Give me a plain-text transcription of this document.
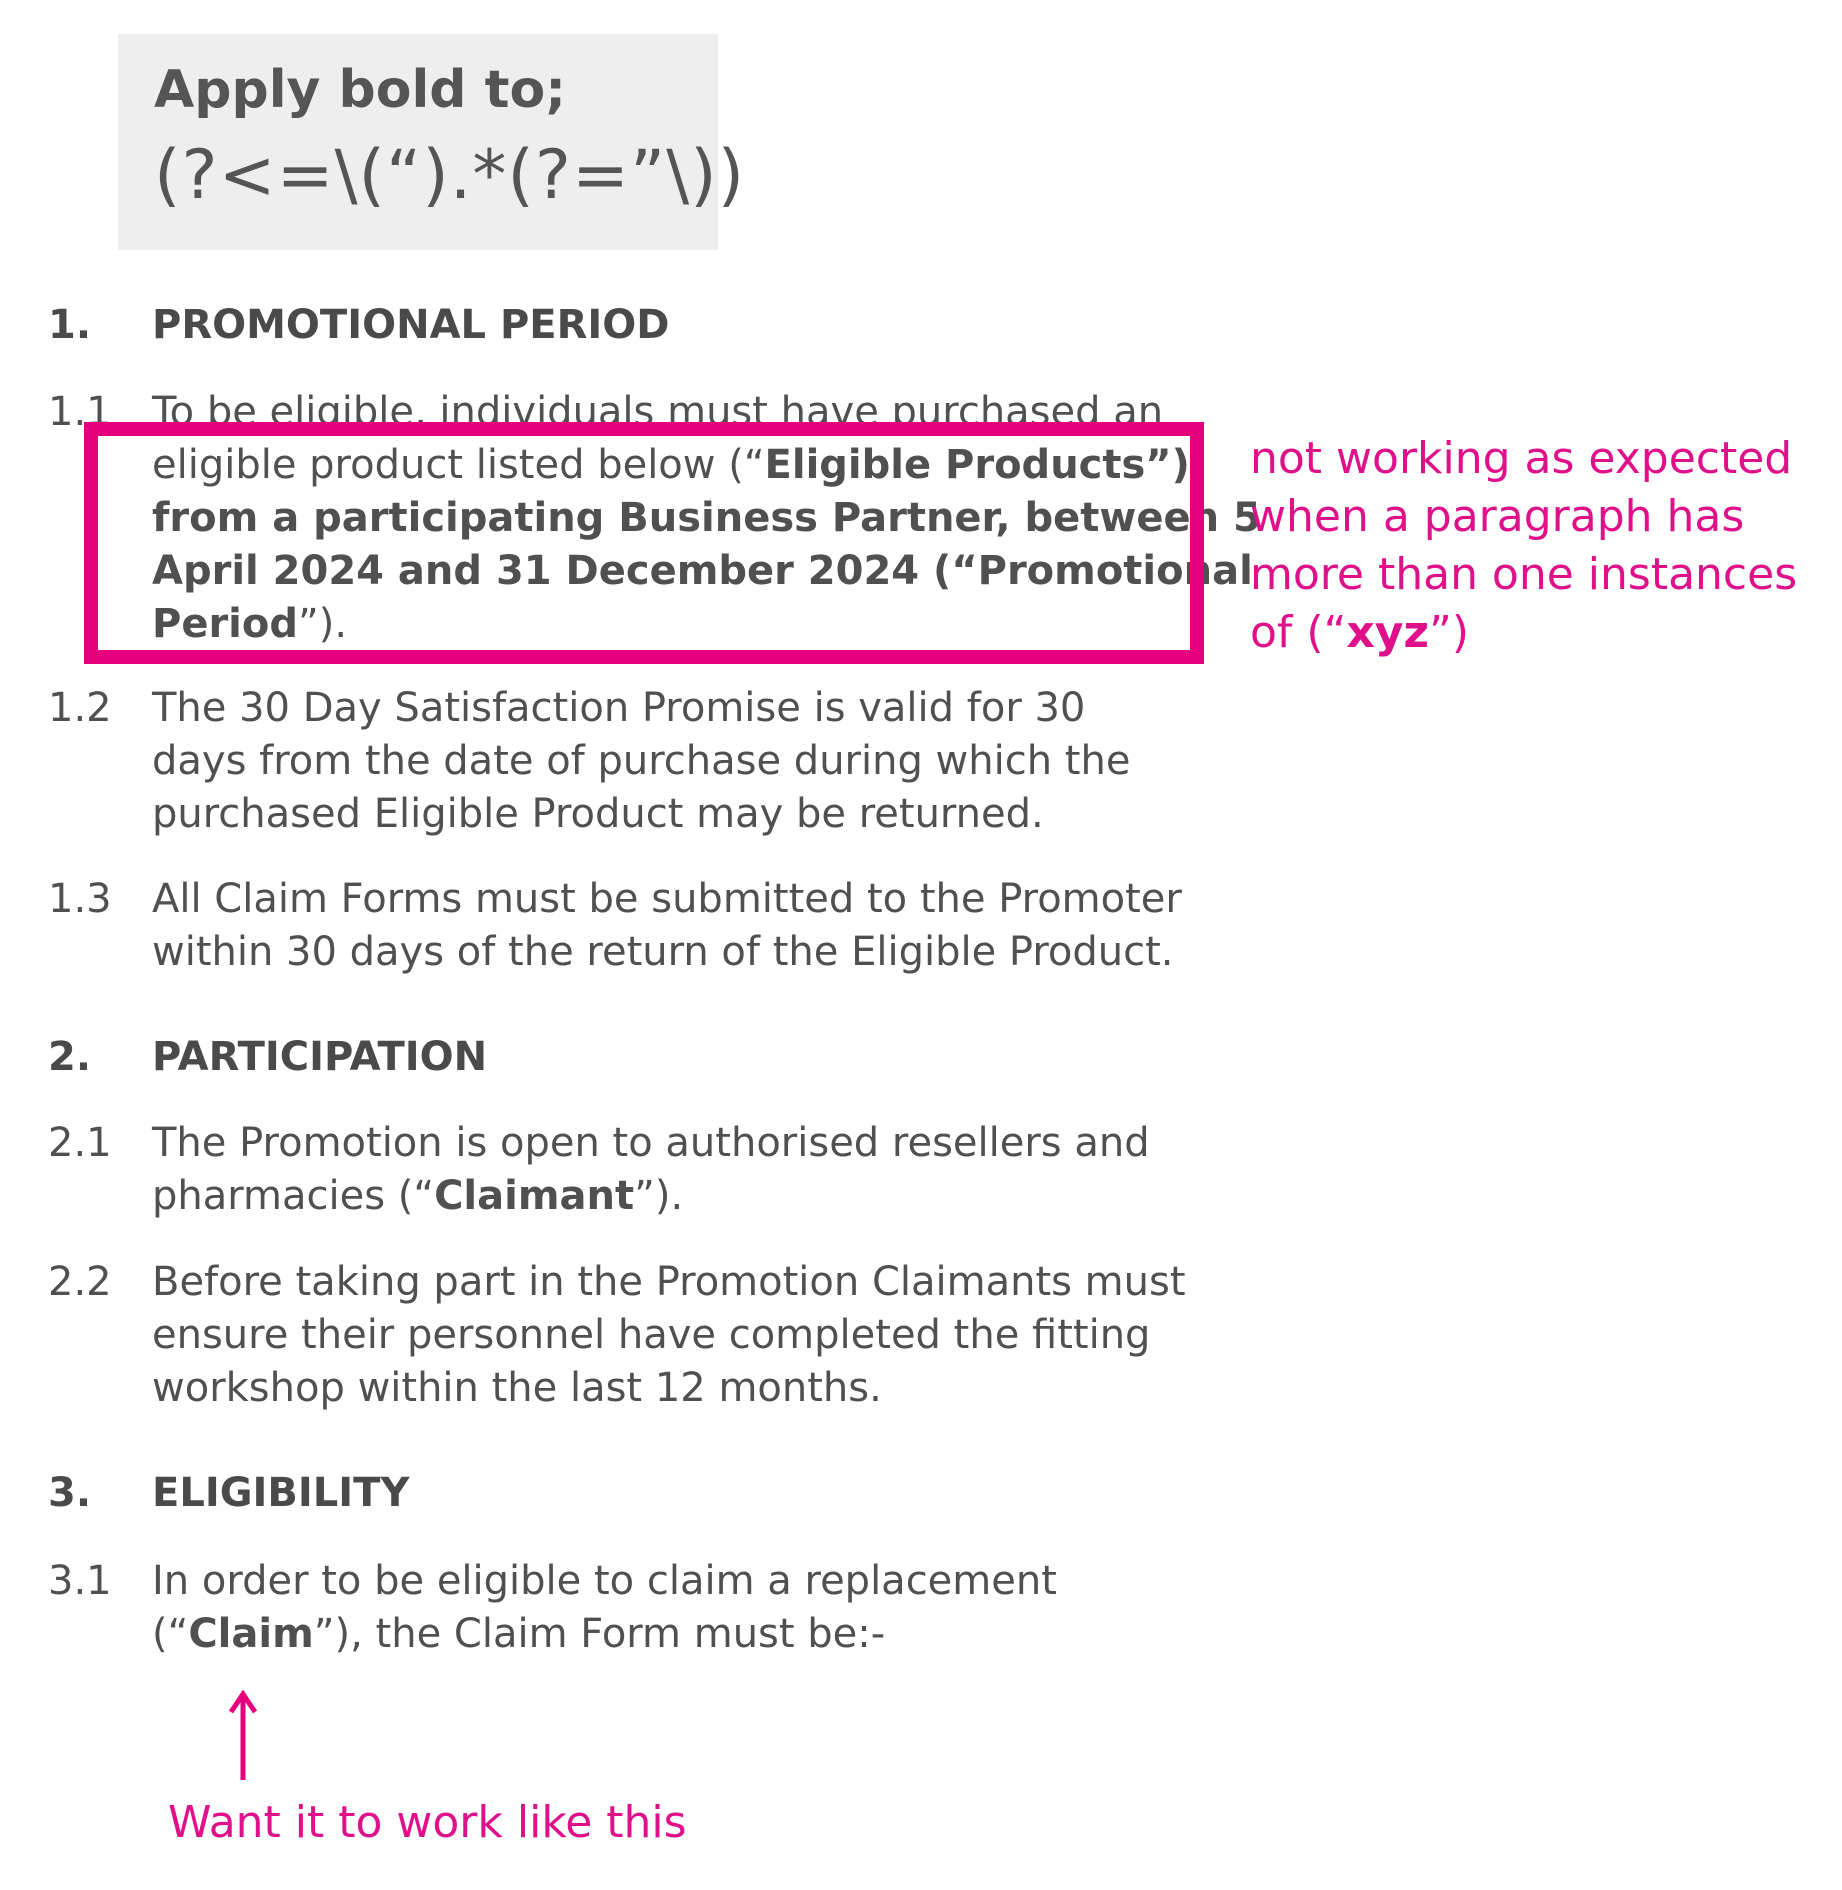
Apply bold to;
(?<=\(“).*(?=”\))
1. PROMOTIONAL PERIOD
1.1 To be eligible, individuals must have purchased an
eligible product listed below (“Eligible Products”)
from a participating Business Partner, between 5
April 2024 and 31 December 2024 (“Promotional
Period”).
1.2 The 30 Day Satisfaction Promise is valid for 30
days from the date of purchase during which the
purchased Eligible Product may be returned.
1.3 All Claim Forms must be submitted to the Promoter
within 30 days of the return of the Eligible Product.
2. PARTICIPATION
2.1 The Promotion is open to authorised resellers and
pharmacies (“Claimant”).
2.2 Before taking part in the Promotion Claimants must
ensure their personnel have completed the fitting
workshop within the last 12 months.
3. ELIGIBILITY
3.1 In order to be eligible to claim a replacement
(“Claim”), the Claim Form must be:-
not working as expected
when a paragraph has
more than one instances
of (“xyz”)
Want it to work like this
